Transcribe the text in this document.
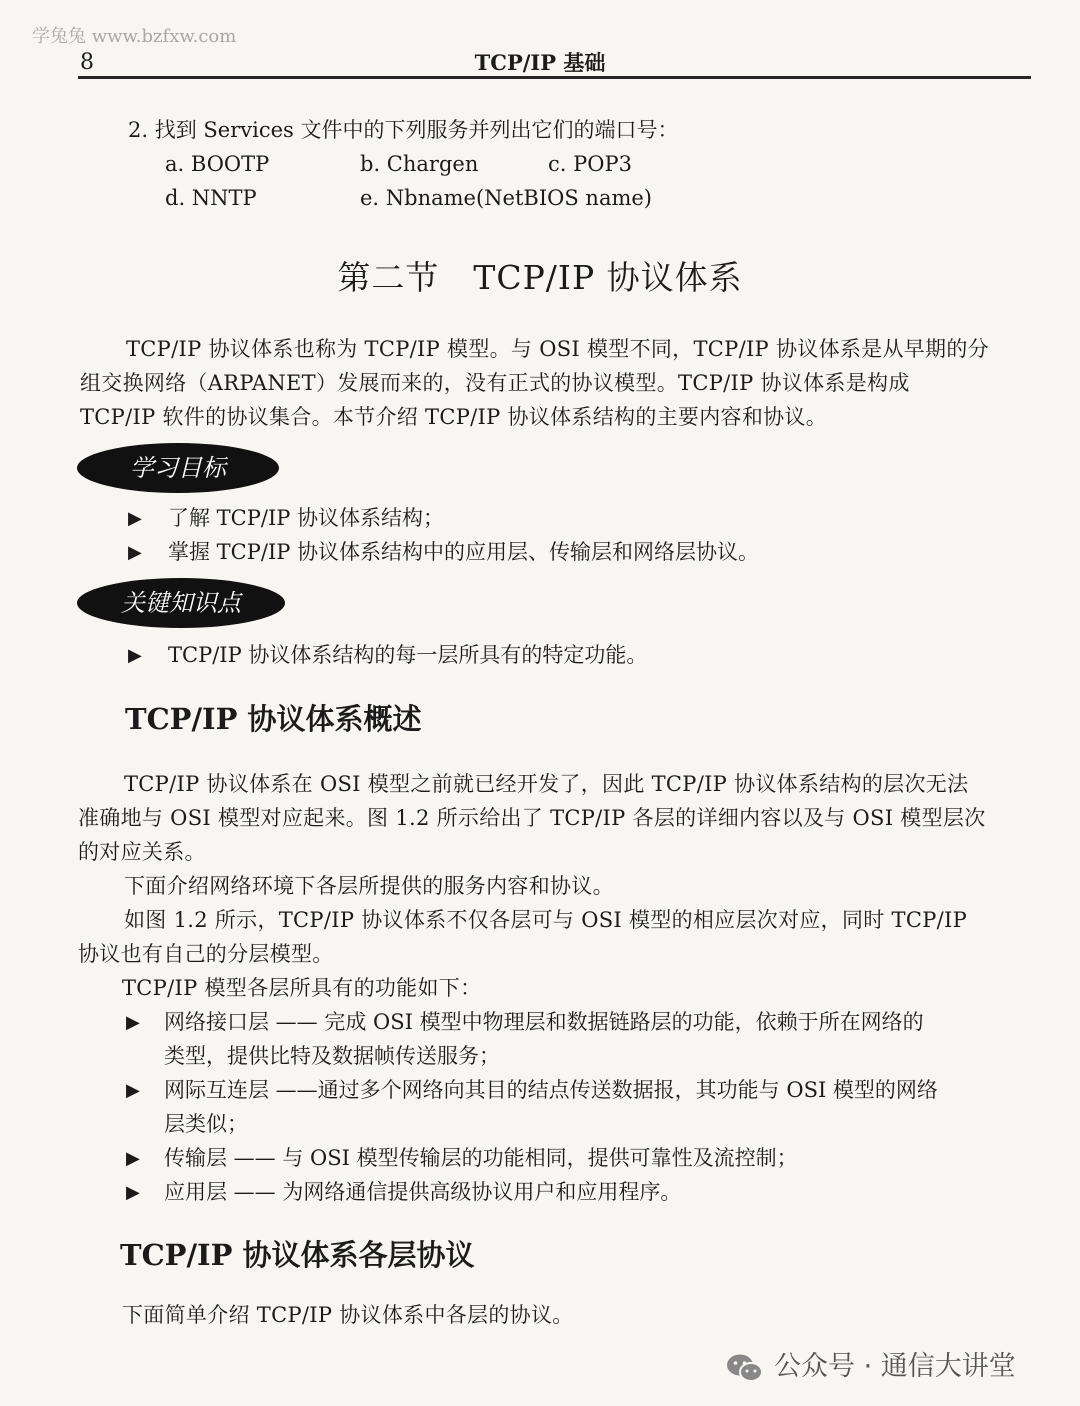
学兔兔 www.bzfxw.com
8	TCP/IP 基础
2. 找到 Services 文件中的下列服务并列出它们的端口号：
a. BOOTP	b. Chargen	c. POP3
d. NNTP	e. Nbname(NetBIOS name)
第二节　TCP/IP 协议体系
TCP/IP 协议体系也称为 TCP/IP 模型。与 OSI 模型不同，TCP/IP 协议体系是从早期的分
组交换网络（ARPANET）发展而来的，没有正式的协议模型。TCP/IP 协议体系是构成
TCP/IP 软件的协议集合。本节介绍 TCP/IP 协议体系结构的主要内容和协议。
学习目标
▶ 了解 TCP/IP 协议体系结构；
▶ 掌握 TCP/IP 协议体系结构中的应用层、传输层和网络层协议。
关键知识点
▶ TCP/IP 协议体系结构的每一层所具有的特定功能。
TCP/IP 协议体系概述
TCP/IP 协议体系在 OSI 模型之前就已经开发了，因此 TCP/IP 协议体系结构的层次无法
准确地与 OSI 模型对应起来。图 1.2 所示给出了 TCP/IP 各层的详细内容以及与 OSI 模型层次
的对应关系。
下面介绍网络环境下各层所提供的服务内容和协议。
如图 1.2 所示，TCP/IP 协议体系不仅各层可与 OSI 模型的相应层次对应，同时 TCP/IP
协议也有自己的分层模型。
TCP/IP 模型各层所具有的功能如下：
▶ 网络接口层 —— 完成 OSI 模型中物理层和数据链路层的功能，依赖于所在网络的
类型，提供比特及数据帧传送服务；
▶ 网际互连层 ——通过多个网络向其目的结点传送数据报，其功能与 OSI 模型的网络
层类似；
▶ 传输层 —— 与 OSI 模型传输层的功能相同，提供可靠性及流控制；
▶ 应用层 —— 为网络通信提供高级协议用户和应用程序。
TCP/IP 协议体系各层协议
下面简单介绍 TCP/IP 协议体系中各层的协议。
公众号 · 通信大讲堂
